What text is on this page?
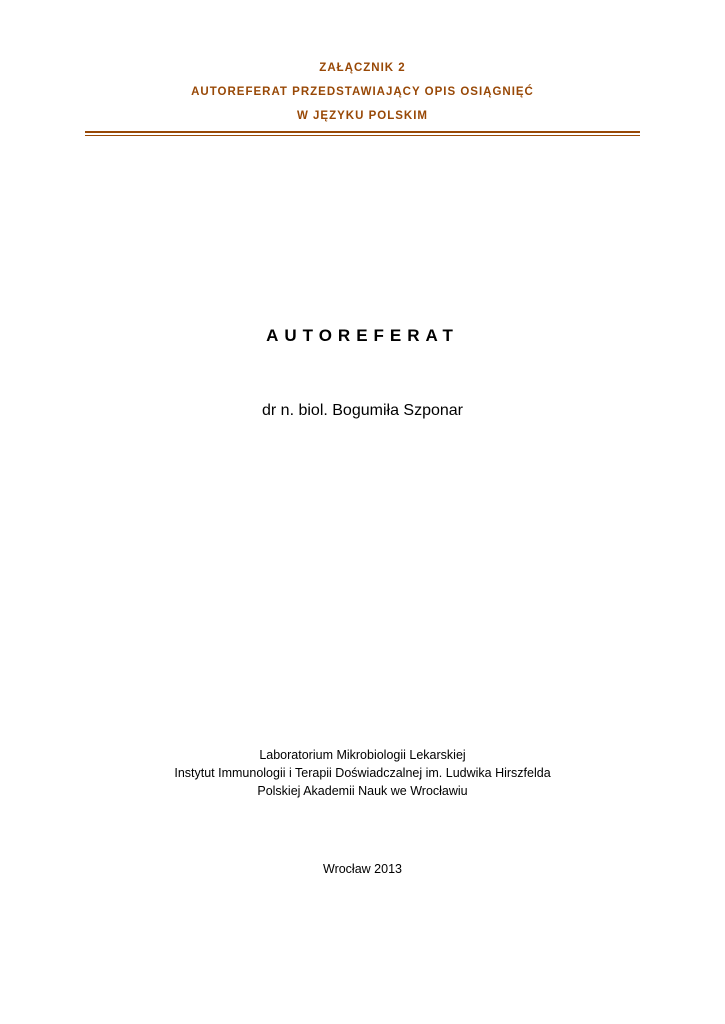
ZAŁĄCZNIK 2
AUTOREFERAT PRZEDSTAWIAJĄCY OPIS OSIĄGNIĘĆ
W JĘZYKU POLSKIM
AUTOREFERAT
dr n. biol. Bogumiła Szponar
Laboratorium Mikrobiologii Lekarskiej
Instytut Immunologii i Terapii Doświadczalnej im. Ludwika Hirszfelda
Polskiej Akademii Nauk we Wrocławiu
Wrocław 2013
